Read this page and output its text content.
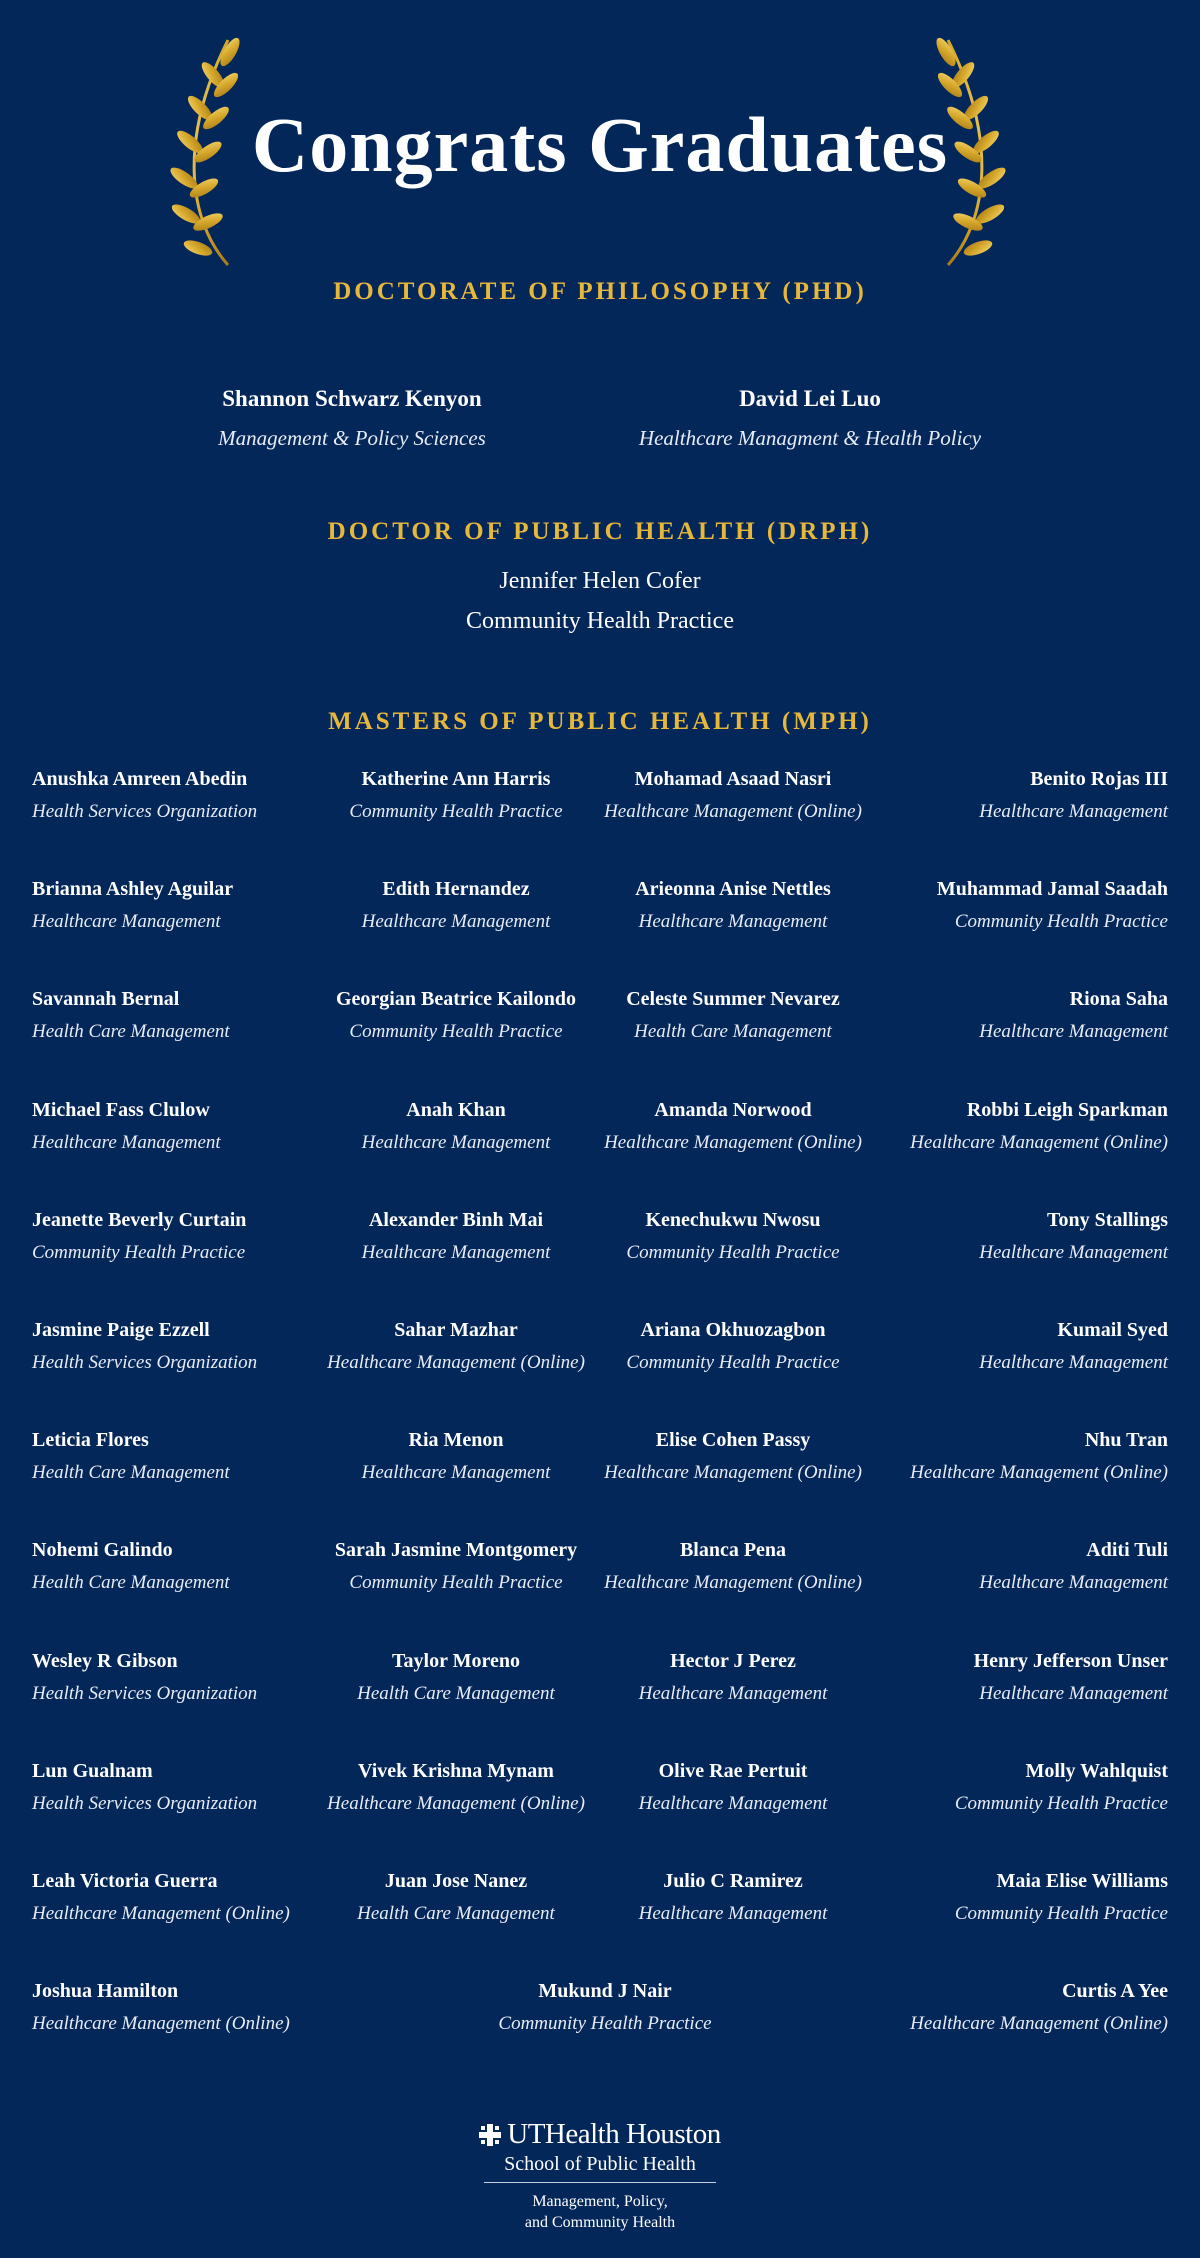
Congrats Graduates
DOCTORATE OF PHILOSOPHY (PHD)
Shannon Schwarz Kenyon
Management & Policy Sciences
David Lei Luo
Healthcare Managment & Health Policy
DOCTOR OF PUBLIC HEALTH (DRPH)
Jennifer Helen Cofer
Community Health Practice
MASTERS OF PUBLIC HEALTH (MPH)
Anushka Amreen Abedin
Health Services Organization
Brianna Ashley Aguilar
Healthcare Management
Savannah Bernal
Health Care Management
Michael Fass Clulow
Healthcare Management
Jeanette Beverly Curtain
Community Health Practice
Jasmine Paige Ezzell
Health Services Organization
Leticia Flores
Health Care Management
Nohemi Galindo
Health Care Management
Wesley R Gibson
Health Services Organization
Lun Gualnam
Health Services Organization
Leah Victoria Guerra
Healthcare Management (Online)
Joshua Hamilton
Healthcare Management (Online)
Katherine Ann Harris
Community Health Practice
Edith Hernandez
Healthcare Management
Georgian Beatrice Kailondo
Community Health Practice
Anah Khan
Healthcare Management
Alexander Binh Mai
Healthcare Management
Sahar Mazhar
Healthcare Management (Online)
Ria Menon
Healthcare Management
Sarah Jasmine Montgomery
Community Health Practice
Taylor Moreno
Health Care Management
Vivek Krishna Mynam
Healthcare Management (Online)
Juan Jose Nanez
Health Care Management
Mohamad Asaad Nasri
Healthcare Management (Online)
Arieonna Anise Nettles
Healthcare Management
Celeste Summer Nevarez
Health Care Management
Amanda Norwood
Healthcare Management (Online)
Kenechukwu Nwosu
Community Health Practice
Ariana Okhuozagbon
Community Health Practice
Elise Cohen Passy
Healthcare Management (Online)
Blanca Pena
Healthcare Management (Online)
Hector J Perez
Healthcare Management
Olive Rae Pertuit
Healthcare Management
Julio C Ramirez
Healthcare Management
Benito Rojas III
Healthcare Management
Muhammad Jamal Saadah
Community Health Practice
Riona Saha
Healthcare Management
Robbi Leigh Sparkman
Healthcare Management (Online)
Tony Stallings
Healthcare Management
Kumail Syed
Healthcare Management
Nhu Tran
Healthcare Management (Online)
Aditi Tuli
Healthcare Management
Henry Jefferson Unser
Healthcare Management
Molly Wahlquist
Community Health Practice
Maia Elise Williams
Community Health Practice
Curtis A Yee
Healthcare Management (Online)
Mukund J Nair
Community Health Practice
UTHealth Houston
School of Public Health
Management, Policy,
and Community Health
